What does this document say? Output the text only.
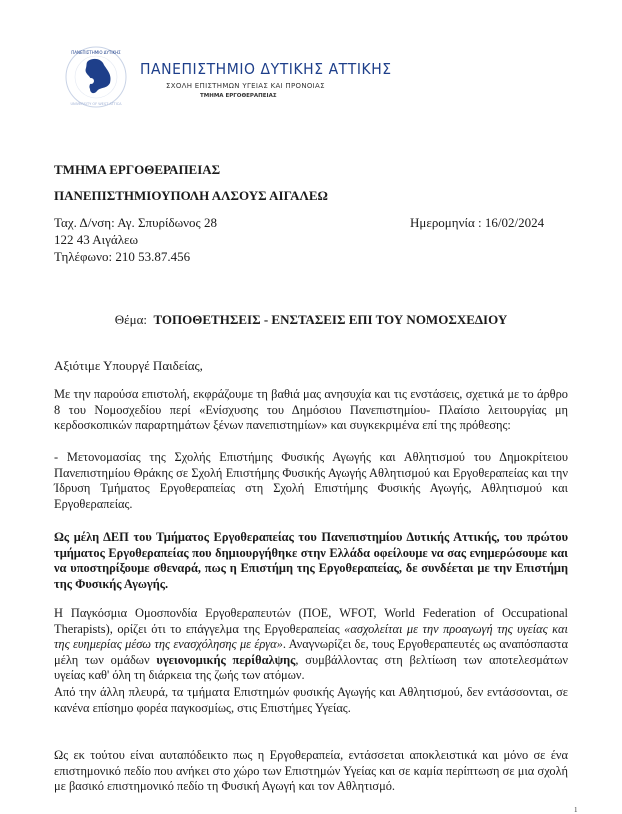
ΠΑΝΕΠΙΣΤΗΜΙΟ ΔΥΤΙΚΗΣ
UNIVERSITY OF WEST ATTICA
ΠΑΝΕΠΙΣΤΗΜΙΟ ΔΥΤΙΚΗΣ ΑΤΤΙΚΗΣ
ΣΧΟΛΗ ΕΠΙΣΤΗΜΩΝ ΥΓΕΙΑΣ ΚΑΙ ΠΡΟΝΟΙΑΣ
ΤΜΗΜΑ ΕΡΓΟΘΕΡΑΠΕΙΑΣ
ΤΜΗΜΑ ΕΡΓΟΘΕΡΑΠΕΙΑΣ
ΠΑΝΕΠΙΣΤΗΜΙΟΥΠΟΛΗ ΑΛΣΟΥΣ ΑΙΓΑΛΕΩ
Ταχ. Δ/νση: Αγ. Σπυρίδωνος 28
122 43 Αιγάλεω
Τηλέφωνο: 210 53.87.456
Ημερομηνία : 16/02/2024
Θέμα: ΤΟΠΟΘΕΤΗΣΕΙΣ - ΕΝΣΤΑΣΕΙΣ ΕΠΙ ΤΟΥ ΝΟΜΟΣΧΕΔΙΟΥ
Αξιότιμε Υπουργέ Παιδείας,
Με την παρούσα επιστολή, εκφράζουμε τη βαθιά μας ανησυχία και τις ενστάσεις, σχετικά με το άρθρο 8 του Νομοσχεδίου περί «Ενίσχυσης του Δημόσιου Πανεπιστημίου- Πλαίσιο λειτουργίας μη κερδοσκοπικών παραρτημάτων ξένων πανεπιστημίων» και συγκεκριμένα επί της πρόθεσης:
- Μετονομασίας της Σχολής Επιστήμης Φυσικής Αγωγής και Αθλητισμού του Δημοκρίτειου Πανεπιστημίου Θράκης σε Σχολή Επιστήμης Φυσικής Αγωγής Αθλητισμού και Εργοθεραπείας και την Ίδρυση Τμήματος Εργοθεραπείας στη Σχολή Επιστήμης Φυσικής Αγωγής, Αθλητισμού και Εργοθεραπείας.
Ως μέλη ΔΕΠ του Τμήματος Εργοθεραπείας του Πανεπιστημίου Δυτικής Αττικής, του πρώτου τμήματος Εργοθεραπείας που δημιουργήθηκε στην Ελλάδα οφείλουμε να σας ενημερώσουμε και να υποστηρίξουμε σθεναρά, πως η Επιστήμη της Εργοθεραπείας, δε συνδέεται με την Επιστήμη της Φυσικής Αγωγής.
Η Παγκόσμια Ομοσπονδία Εργοθεραπευτών (ΠΟΕ, WFOT, World Federation of Occupational Therapists), ορίζει ότι το επάγγελμα της Εργοθεραπείας «ασχολείται με την προαγωγή της υγείας και της ευημερίας μέσω της ενασχόλησης με έργα». Αναγνωρίζει δε, τους Εργοθεραπευτές ως αναπόσπαστα μέλη των ομάδων υγειονομικής περίθαλψης, συμβάλλοντας στη βελτίωση των αποτελεσμάτων υγείας καθ' όλη τη διάρκεια της ζωής των ατόμων.
Από την άλλη πλευρά, τα τμήματα Επιστημών φυσικής Αγωγής και Αθλητισμού, δεν εντάσσονται, σε κανένα επίσημο φορέα παγκοσμίως, στις Επιστήμες Υγείας.
Ως εκ τούτου είναι αυταπόδεικτο πως η Εργοθεραπεία, εντάσσεται αποκλειστικά και μόνο σε ένα επιστημονικό πεδίο που ανήκει στο χώρο των Επιστημών Υγείας και σε καμία περίπτωση σε μια σχολή με βασικό επιστημονικό πεδίο τη Φυσική Αγωγή και τον Αθλητισμό.
1
